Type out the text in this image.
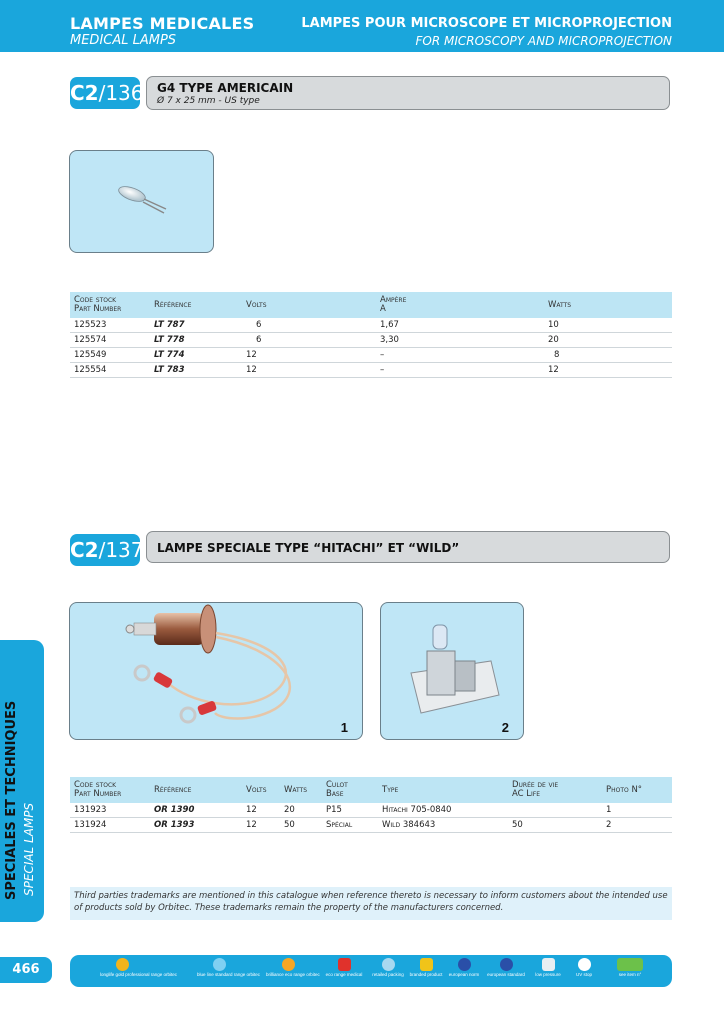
LAMPES MEDICALES
MEDICAL LAMPS
LAMPES POUR MICROSCOPE ET MICROPROJECTION
FOR MICROSCOPY AND MICROPROJECTION
C2/136 G4 TYPE AMERICAIN
Ø 7 x 25 mm - US type
Code stock
Part Number	Référence	Volts	Ampère
A	Watts
125523	LT 787	6	1,67	10
125574	LT 778	6	3,30	20
125549	LT 774	12	–	8
125554	LT 783	12	–	12
C2/137 LAMPE SPECIALE TYPE “HITACHI” ET “WILD”
1	2
Code stock
Part Number	Référence	Volts	Watts	Culot
Base	Type	Durée de vie
AC Life	Photo N°
131923	OR 1390	12	20	P15	Hitachi 705-0840		1
131924	OR 1393	12	50	Spécial	Wild 384643	50	2
SPECIALES ET TECHNIQUES SPECIAL LAMPS	Third parties trademarks are mentioned in this catalogue when reference thereto is necessary to inform customers about the intended use of products sold by Orbitec. These trademarks remain the property of the manufacturers concerned.
466	longlife gold professional range orbitec	blue line standard range orbitec brilliance eco range orbitec	eco range medical	retailed packing	branded product	european norm	european standard	low pressure	UV stop	see item n°
